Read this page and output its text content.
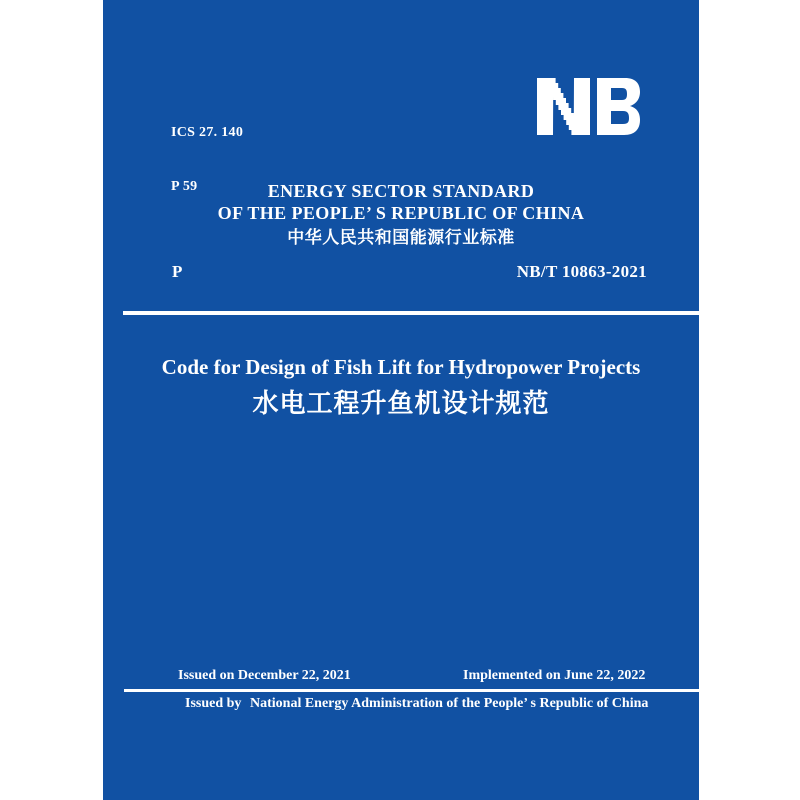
ICS 27. 140

P 59

	ENERGY SECTOR STANDARD
OF THE PEOPLE’ S REPUBLIC OF CHINA
中华人民共和国能源行业标准
P	NB/T 10863-2021
Code for Design of Fish Lift for Hydropower Projects
水电工程升鱼机设计规范
Issued on December 22, 2021	Implemented on June 22, 2022
Issued by National Energy Administration of the People’ s Republic of China
